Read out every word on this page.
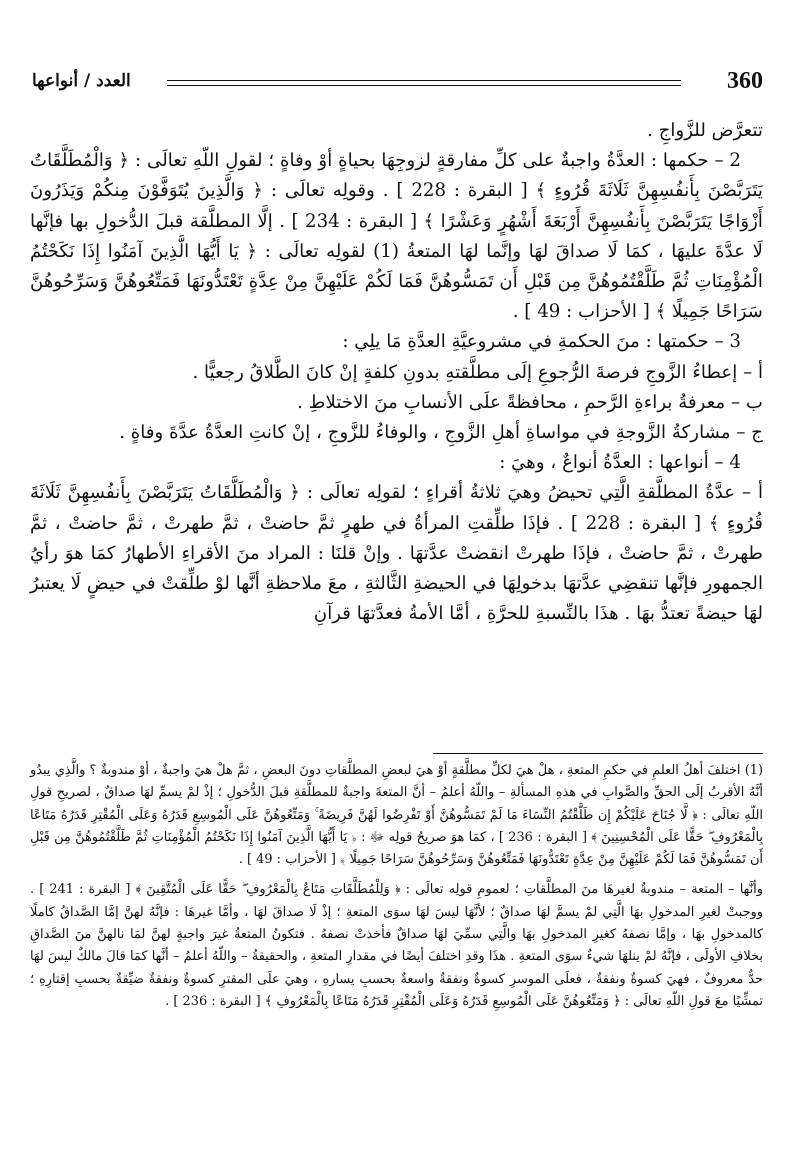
360
العدد / أنواعها

تتعرَّض للزَّواجِ .

2 – حكمها : العدَّةُ واجبةٌ على كلِّ مفارقةٍ لزوجِهَا بحياةٍ أوْ وفاةٍ ؛ لقولِ اللّهِ تعالَى : ﴿ وَالْمُطَلَّقَاتُ يَتَرَبَّصْنَ بِأَنفُسِهِنَّ ثَلَاثَةَ قُرُوءٍ ﴾ [ البقرة : 228 ] . وقولِه تعالَى : ﴿ وَالَّذِينَ يُتَوَفَّوْنَ مِنكُمْ وَيَذَرُونَ أَزْوَاجًا يَتَرَبَّصْنَ بِأَنفُسِهِنَّ أَرْبَعَةَ أَشْهُرٍ وَعَشْرًا ﴾ [ البقرة : 234 ] . إلَّا المطلَّقة قبلَ الدُّخولِ بها فإنَّها لَا عدَّةَ عليهَا ، كمَا لَا صداقَ لهَا وإنَّما لهَا المتعةُ (1) لقولِه تعالَى : ﴿ يَا أَيُّهَا الَّذِينَ آمَنُوا إِذَا نَكَحْتُمُ الْمُؤْمِنَاتِ ثُمَّ طَلَّقْتُمُوهُنَّ مِن قَبْلِ أَن تَمَسُّوهُنَّ فَمَا لَكُمْ عَلَيْهِنَّ مِنْ عِدَّةٍ تَعْتَدُّونَهَا فَمَتِّعُوهُنَّ وَسَرِّحُوهُنَّ سَرَاحًا جَمِيلًا ﴾ [ الأحزاب : 49 ] .

3 – حكمتها : منَ الحكمةِ في مشروعيَّةِ العدَّةِ مَا يلِي :

أ – إعطاءُ الزَّوجِ فرصةَ الرُّجوعِ إلَى مطلَّقتهِ بدونِ كلفةٍ إنْ كانَ الطَّلاقُ رجعيًّا .

ب – معرفةُ براءةِ الرَّحمِ ، محافظةً علَى الأنسابِ منَ الاختلاطِ .

ج – مشاركةُ الزَّوجةِ في مواساةِ أهلِ الزَّوجِ ، والوفاءُ للزَّوجِ ، إنْ كانتِ العدَّةُ عدَّةَ وفاةٍ .

4 – أنواعها : العدَّةُ أنواعٌ ، وهيَ :

أ – عدَّةُ المطلَّقةِ الَّتِي تحيضُ وهيَ ثلاثةُ أقراءٍ ؛ لقولِه تعالَى : ﴿ وَالْمُطَلَّقَاتُ يَتَرَبَّصْنَ بِأَنفُسِهِنَّ ثَلَاثَةَ قُرُوءٍ ﴾ [ البقرة : 228 ] . فإذَا طلِّقتِ المرأةُ في طهرٍ ثمَّ حاضتْ ، ثمَّ طهرتْ ، ثمَّ حاضتْ ، ثمَّ طهرتْ ، ثمَّ حاضتْ ، فإذَا طهرتْ انقضتْ عدَّتهَا . وإنْ قلنَا : المراد منَ الأقراءِ الأطهارُ كمَا هوَ رأيُ الجمهورِ فإنَّها تنقضِي عدَّتهَا بدخولِهَا في الحيضةِ الثَّالثةِ ، معَ ملاحظةِ أنَّها لوْ طلِّقتْ في حيضٍ لَا يعتبرُ لهَا حيضةً تعتدُّ بهَا . هذَا بالنِّسبةِ للحرَّةِ ، أمَّا الأمةُ فعدَّتهَا قرآنِ

(1) اختلفَ أهلُ العلمِ في حكمِ المتعةِ ، هلْ هيَ لكلِّ مطلَّقةٍ أوْ هيَ لبعضِ المطلَّقاتِ دونَ البعضِ ، ثمَّ هلْ هيَ واجبةٌ ، أوْ مندوبةٌ ؟ والَّذِي يبدُو أنَّهُ الأقربُ إلَى الحقِّ والصَّوابِ في هذهِ المسألةِ – واللّهُ أعلمُ – أنَّ المتعةَ واجبةٌ للمطلَّقةِ قبلَ الدُّخولِ ؛ إذْ لمْ يسمِّ لهَا صداقٌ ، لصريحِ قولِ اللّهِ تعالَى : ﴿ لَّا جُنَاحَ عَلَيْكُمْ إِن طَلَّقْتُمُ النِّسَاءَ مَا لَمْ تَمَسُّوهُنَّ أَوْ تَفْرِضُوا لَهُنَّ فَرِيضَةً ۚ وَمَتِّعُوهُنَّ عَلَى الْمُوسِعِ قَدَرُهُ وَعَلَى الْمُقْتِرِ قَدَرُهُ مَتَاعًا بِالْمَعْرُوفِ ۖ حَقًّا عَلَى الْمُحْسِنِينَ ﴾ [ البقرة : 236 ] ، كمَا هوَ صريحُ قولِه ﷻ : ﴿ يَا أَيُّهَا الَّذِينَ آمَنُوا إِذَا نَكَحْتُمُ الْمُؤْمِنَاتِ ثُمَّ طَلَّقْتُمُوهُنَّ مِن قَبْلِ أَن تَمَسُّوهُنَّ فَمَا لَكُمْ عَلَيْهِنَّ مِنْ عِدَّةٍ تَعْتَدُّونَهَا فَمَتِّعُوهُنَّ وَسَرِّحُوهُنَّ سَرَاحًا جَمِيلًا ﴾ [ الأحزاب : 49 ] .

وأنَّها – المتعة – مندوبةٌ لغيرهَا منَ المطلَّقاتِ ؛ لعمومِ قولِه تعالَى : ﴿ وَلِلْمُطَلَّقَاتِ مَتَاعٌ بِالْمَعْرُوفِ ۖ حَقًّا عَلَى الْمُتَّقِينَ ﴾ [ البقرة : 241 ] . ووجبتْ لغيرِ المدخولِ بهَا الَّتِي لمْ يسمَّ لهَا صداقٌ ؛ لأنَّهَا ليسَ لهَا سوَى المتعةِ ؛ إذْ لَا صداقَ لهَا ، وأمَّا غيرهَا : فإنَّهُ لهنَّ إمَّا الصَّداقُ كاملًا كالمدخولِ بهَا ، وإمَّا نصفهُ كغيرِ المدخولِ بهَا والَّتِي سمِّيَ لهَا صداقٌ فأخذتْ نصفهُ . فتكونُ المتعةُ غيرَ واجبةٍ لهنَّ لمَا نالهنَّ منَ الصَّداقِ بخلافِ الأولَى ، فإنَّهُ لمْ ينلهَا شيءٌ سوَى المتعةِ . هذَا وقدِ اختلفَ أيضًا في مقدارِ المتعةِ ، والحقيقةُ – واللّهُ أعلمُ – أنَّها كمَا قالَ مالكٌ ليسَ لهَا حدٌّ معروفٌ ، فهيَ كسوةٌ ونفقةٌ ، فعلَى الموسرِ كسوةٌ ونفقةٌ واسعةٌ بحسبِ يسارهِ ، وهيَ علَى المقترِ كسوةٌ ونفقةٌ ضيِّقةٌ بحسبِ إقتارِهِ ؛ تمشِّيًا معَ قولِ اللّهِ تعالَى : ﴿ وَمَتِّعُوهُنَّ عَلَى الْمُوسِعِ قَدَرُهُ وَعَلَى الْمُقْتِرِ قَدَرُهُ مَتَاعًا بِالْمَعْرُوفِ ﴾ [ البقرة : 236 ] .
